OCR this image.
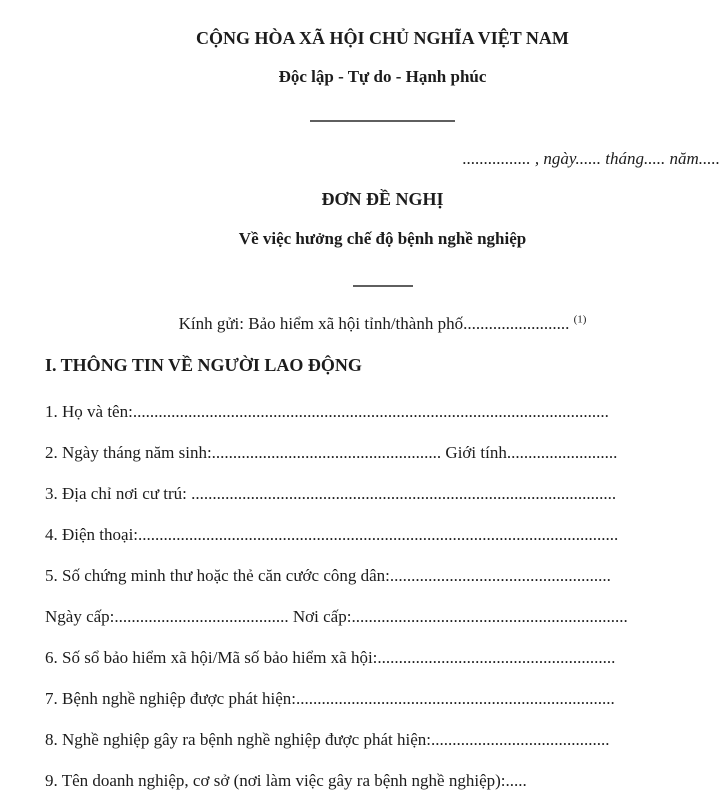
CỘNG HÒA XÃ HỘI CHỦ NGHĨA VIỆT NAM

Độc lập - Tự do - Hạnh phúc

................ , ngày...... tháng..... năm.....

ĐƠN ĐỀ NGHỊ

Về việc hưởng chế độ bệnh nghề nghiệp

Kính gửi: Bảo hiểm xã hội tỉnh/thành phố......................... $^{(1)}$

I. THÔNG TIN VỀ NGƯỜI LAO ĐỘNG

1. Họ và tên:................................................................................................................

2. Ngày tháng năm sinh:...................................................... Giới tính..........................

3. Địa chỉ nơi cư trú: ....................................................................................................

4. Điện thoại:.................................................................................................................

5. Số chứng minh thư hoặc thẻ căn cước công dân:....................................................

Ngày cấp:......................................... Nơi cấp:.................................................................

6. Số sổ bảo hiểm xã hội/Mã số bảo hiểm xã hội:........................................................

7. Bệnh nghề nghiệp được phát hiện:...........................................................................

8. Nghề nghiệp gây ra bệnh nghề nghiệp được phát hiện:..........................................

9. Tên doanh nghiệp, cơ sở (nơi làm việc gây ra bệnh nghề nghiệp):.....
